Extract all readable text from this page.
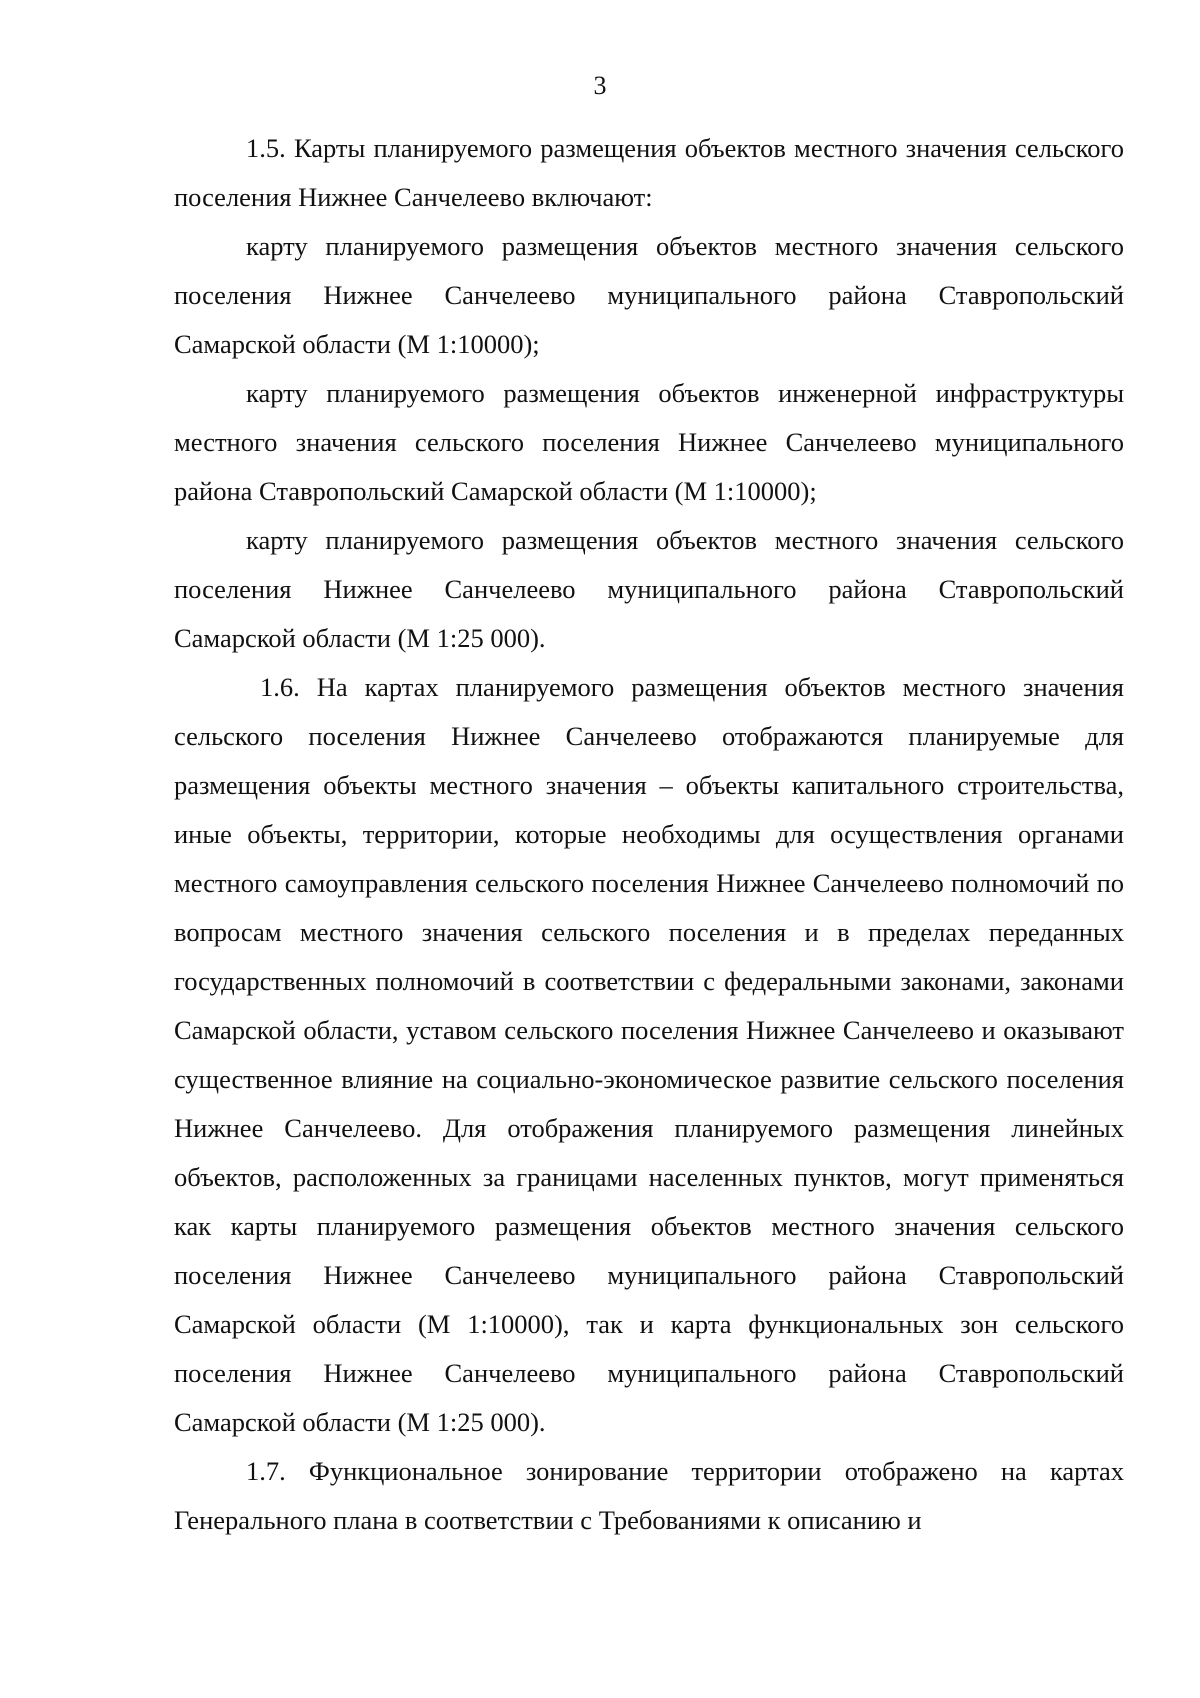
3

1.5. Карты планируемого размещения объектов местного значения сельского поселения Нижнее Санчелеево включают:

карту планируемого размещения объектов местного значения сельского поселения Нижнее Санчелеево муниципального района Ставропольский Самарской области (М 1:10000);

карту планируемого размещения объектов инженерной инфраструктуры местного значения сельского поселения Нижнее Санчелеево муниципального района Ставропольский Самарской области (М 1:10000);

карту планируемого размещения объектов местного значения сельского поселения Нижнее Санчелеево муниципального района Ставропольский Самарской области (М 1:25 000).

1.6. На картах планируемого размещения объектов местного значения сельского поселения Нижнее Санчелеево отображаются планируемые для размещения объекты местного значения – объекты капитального строительства, иные объекты, территории, которые необходимы для осуществления органами местного самоуправления сельского поселения Нижнее Санчелеево полномочий по вопросам местного значения сельского поселения и в пределах переданных государственных полномочий в соответствии с федеральными законами, законами Самарской области, уставом сельского поселения Нижнее Санчелеево и оказывают существенное влияние на социально-экономическое развитие сельского поселения Нижнее Санчелеево. Для отображения планируемого размещения линейных объектов, расположенных за границами населенных пунктов, могут применяться как карты планируемого размещения объектов местного значения сельского поселения Нижнее Санчелеево муниципального района Ставропольский Самарской области (М 1:10000), так и карта функциональных зон сельского поселения Нижнее Санчелеево муниципального района Ставропольский Самарской области (М 1:25 000).

1.7. Функциональное зонирование территории отображено на картах Генерального плана в соответствии с Требованиями к описанию и
